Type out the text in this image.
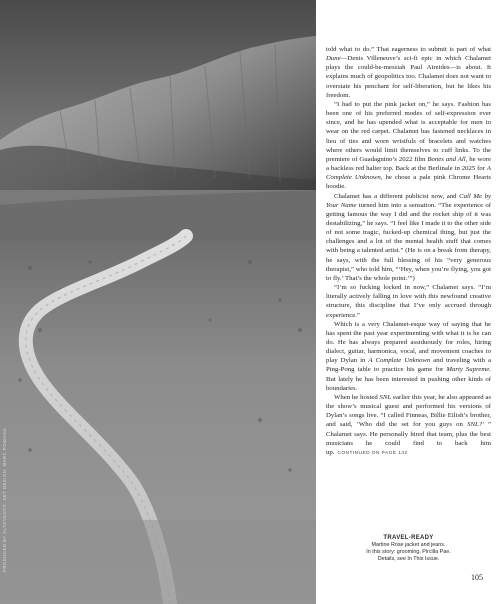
PRODUCED BY ALTOVENTO. SET DESIGN: MARC POWANG.

told what to do.” That eagerness to submit is part of what Dune—Denis Villeneuve’s sci-fi epic in which Chalamet plays the could-be-messiah Paul Atreides—is about. It explains much of geopolitics too. Chalamet does not want to overstate his penchant for self-liberation, but he likes his freedom.

“I had to put the pink jacket on,” he says. Fashion has been one of his preferred modes of self-expression ever since, and he has upended what is acceptable for men to wear on the red carpet. Chalamet has fastened necklaces in lieu of ties and worn wristfuls of bracelets and watches where others would limit themselves to cuff links. To the premiere of Guadagnino’s 2022 film Bones and All, he wore a backless red halter top. Back at the Berlinale in 2025 for A Complete Unknown, he chose a pale pink Chrome Hearts hoodie.

Chalamet has a different publicist now, and Call Me by Your Name turned him into a sensation. “The experience of getting famous the way I did and the rocket ship of it was destabilizing,” he says. “I feel like I made it to the other side of not some tragic, fucked-up chemical thing, but just the challenges and a lot of the mental health stuff that comes with being a talented artist.” (He is on a break from therapy, he says, with the full blessing of his “very generous therapist,” who told him, “‘Hey, when you’re flying, you got to fly.’ That’s the whole point.’”)

“I’m so fucking locked in now,” Chalamet says. “I’m literally actively falling in love with this newfound creative structure, this discipline that I’ve only accrued through experience.”

Which is a very Chalamet-esque way of saying that he has spent the past year experimenting with what it is he can do. He has always prepared assiduously for roles, hiring dialect, guitar, harmonica, vocal, and movement coaches to play Dylan in A Complete Unknown and traveling with a Ping-Pong table to practice his game for Marty Supreme. But lately he has been interested in pushing other kinds of boundaries.

When he hosted SNL earlier this year, he also appeared as the show’s musical guest and performed his versions of Dylan’s songs live. “I called Finneas, Billie Eilish’s brother, and said, ‘Who did the set for you guys on SNL?’ ” Chalamet says. He personally hired that team, plus the best musicians he could find to back him up. CONTINUED ON PAGE 142

TRAVEL-READY
Martine Rose jacket and jeans.
In this story: grooming, Pircilla Pae.
Details, see In This Issue.
105
